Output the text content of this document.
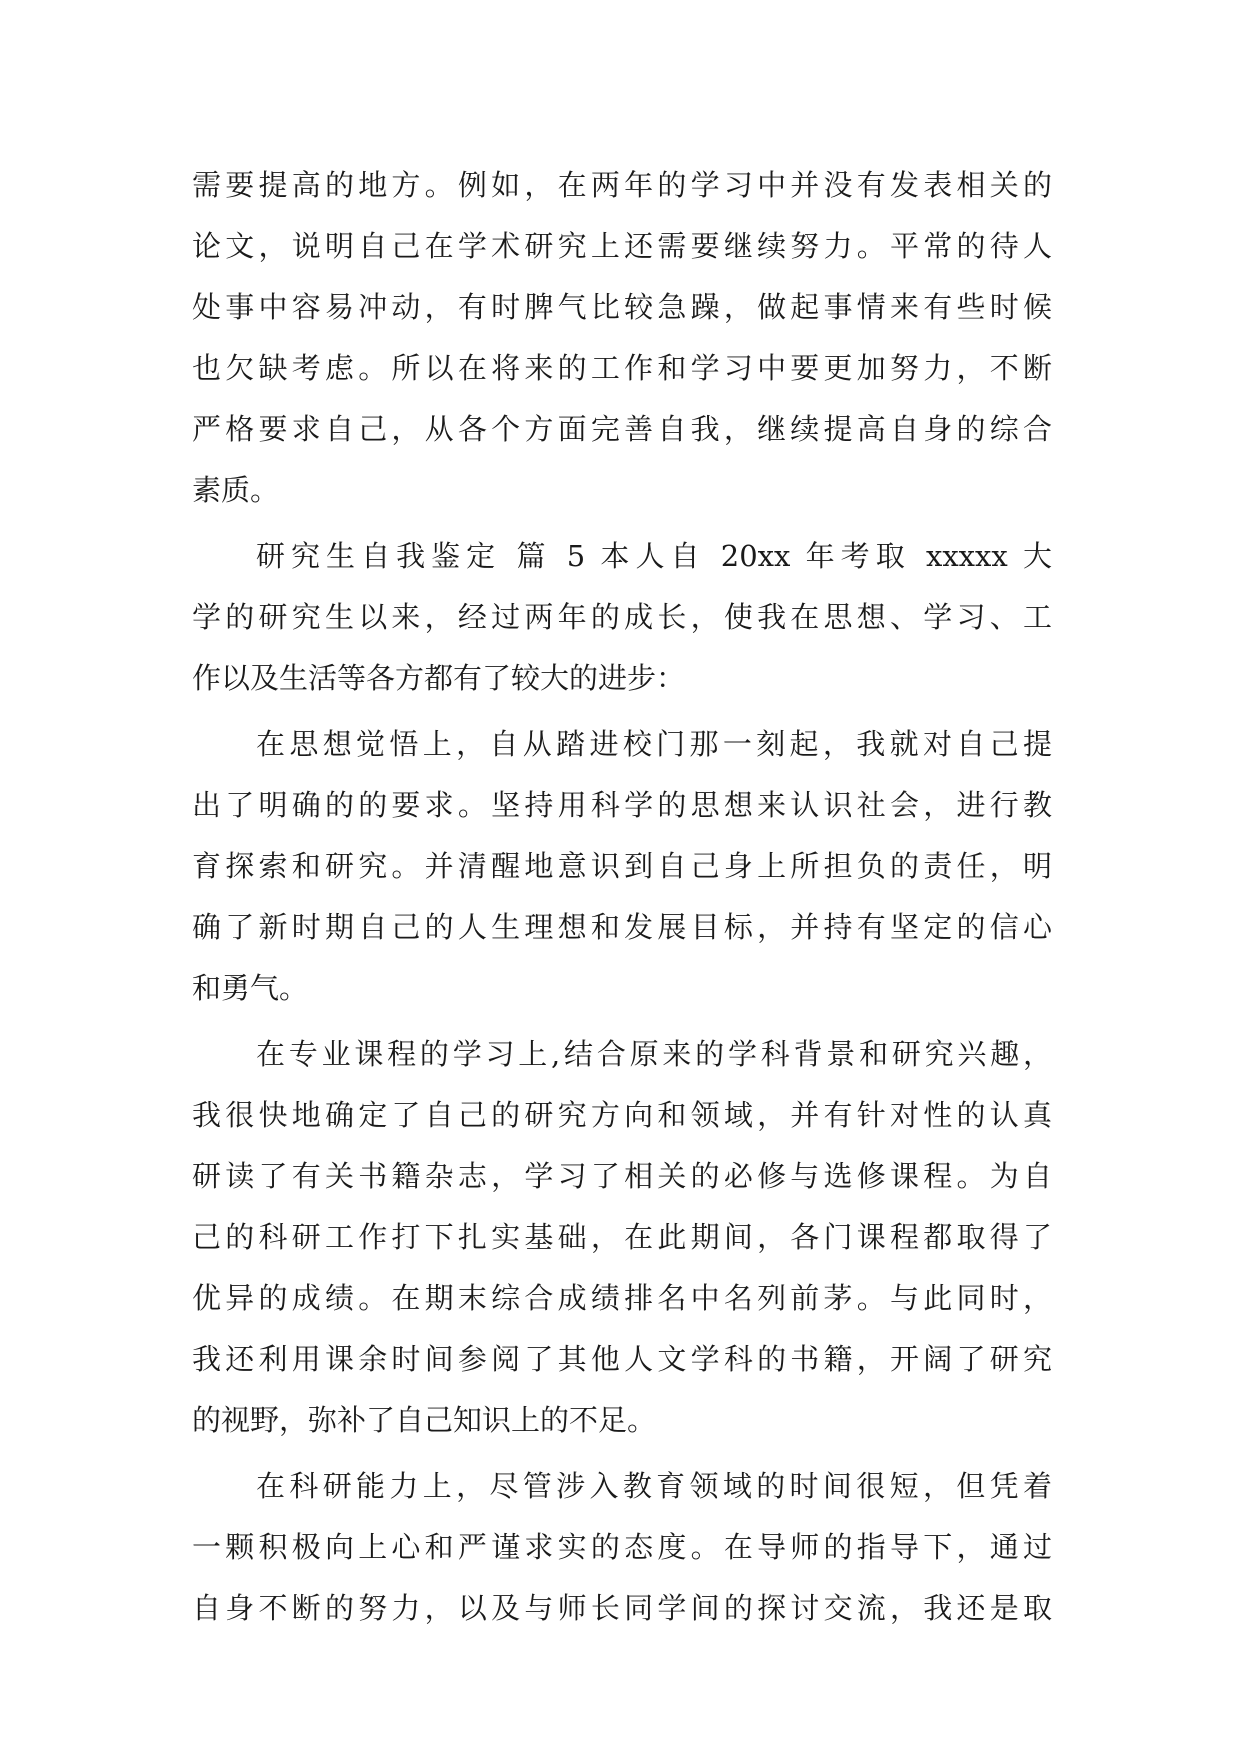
需要提高的地方。例如，在两年的学习中并没有发表相关的
论文，说明自己在学术研究上还需要继续努力。平常的待人
处事中容易冲动，有时脾气比较急躁，做起事情来有些时候
也欠缺考虑。所以在将来的工作和学习中要更加努力，不断
严格要求自己，从各个方面完善自我，继续提高自身的综合
素质。
研究生自我鉴定 篇 5 本人自 20xx 年考取 xxxxx 大
学的研究生以来，经过两年的成长，使我在思想、学习、工
作以及生活等各方都有了较大的进步：
在思想觉悟上，自从踏进校门那一刻起，我就对自己提
出了明确的的要求。坚持用科学的思想来认识社会，进行教
育探索和研究。并清醒地意识到自己身上所担负的责任，明
确了新时期自己的人生理想和发展目标，并持有坚定的信心
和勇气。
在专业课程的学习上,结合原来的学科背景和研究兴趣，
我很快地确定了自己的研究方向和领域，并有针对性的认真
研读了有关书籍杂志，学习了相关的必修与选修课程。为自
己的科研工作打下扎实基础，在此期间，各门课程都取得了
优异的成绩。在期末综合成绩排名中名列前茅。与此同时，
我还利用课余时间参阅了其他人文学科的书籍，开阔了研究
的视野，弥补了自己知识上的不足。
在科研能力上，尽管涉入教育领域的时间很短，但凭着
一颗积极向上心和严谨求实的态度。在导师的指导下，通过
自身不断的努力，以及与师长同学间的探讨交流，我还是取
